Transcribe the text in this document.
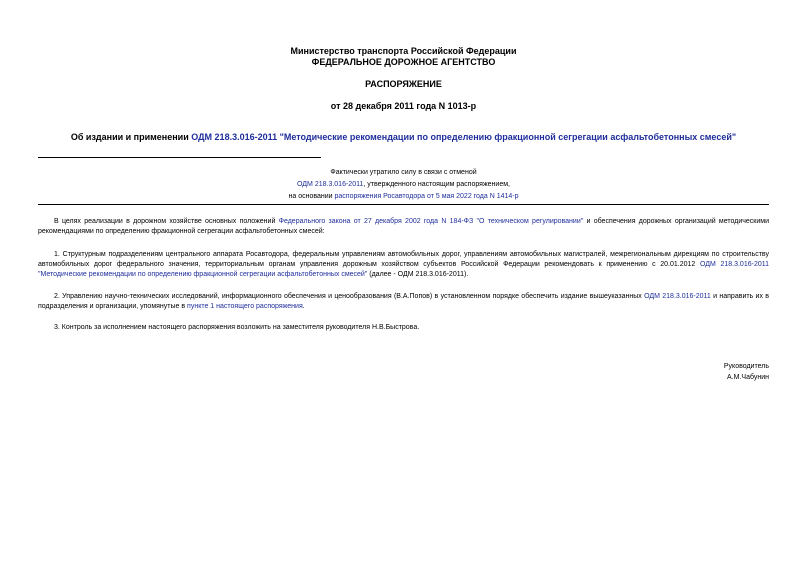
Министерство транспорта Российской Федерации
ФЕДЕРАЛЬНОЕ ДОРОЖНОЕ АГЕНТСТВО
РАСПОРЯЖЕНИЕ
от 28 декабря 2011 года N 1013-р
Об издании и применении ОДМ 218.3.016-2011 "Методические рекомендации по определению фракционной сегрегации асфальтобетонных смесей"
Фактически утратило силу в связи с отменой
ОДМ 218.3.016-2011, утвержденного настоящим распоряжением,
на основании распоряжения Росавтодора от 5 мая 2022 года N 1414-р
В целях реализации в дорожном хозяйстве основных положений Федерального закона от 27 декабря 2002 года N 184-ФЗ "О техническом регулировании" и обеспечения дорожных организаций методическими рекомендациями по определению фракционной сегрегации асфальтобетонных смесей:
1. Структурным подразделениям центрального аппарата Росавтодора, федеральным управлениям автомобильных дорог, управлениям автомобильных магистралей, межрегиональным дирекциям по строительству автомобильных дорог федерального значения, территориальным органам управления дорожным хозяйством субъектов Российской Федерации рекомендовать к применению с 20.01.2012 ОДМ 218.3.016-2011 "Методические рекомендации по определению фракционной сегрегации асфальтобетонных смесей" (далее - ОДМ 218.3.016-2011).
2. Управлению научно-технических исследований, информационного обеспечения и ценообразования (В.А.Попов) в установленном порядке обеспечить издание вышеуказанных ОДМ 218.3.016-2011 и направить их в подразделения и организации, упомянутые в пункте 1 настоящего распоряжения.
3. Контроль за исполнением настоящего распоряжения возложить на заместителя руководителя Н.В.Быстрова.
Руководитель
А.М.Чабунин
